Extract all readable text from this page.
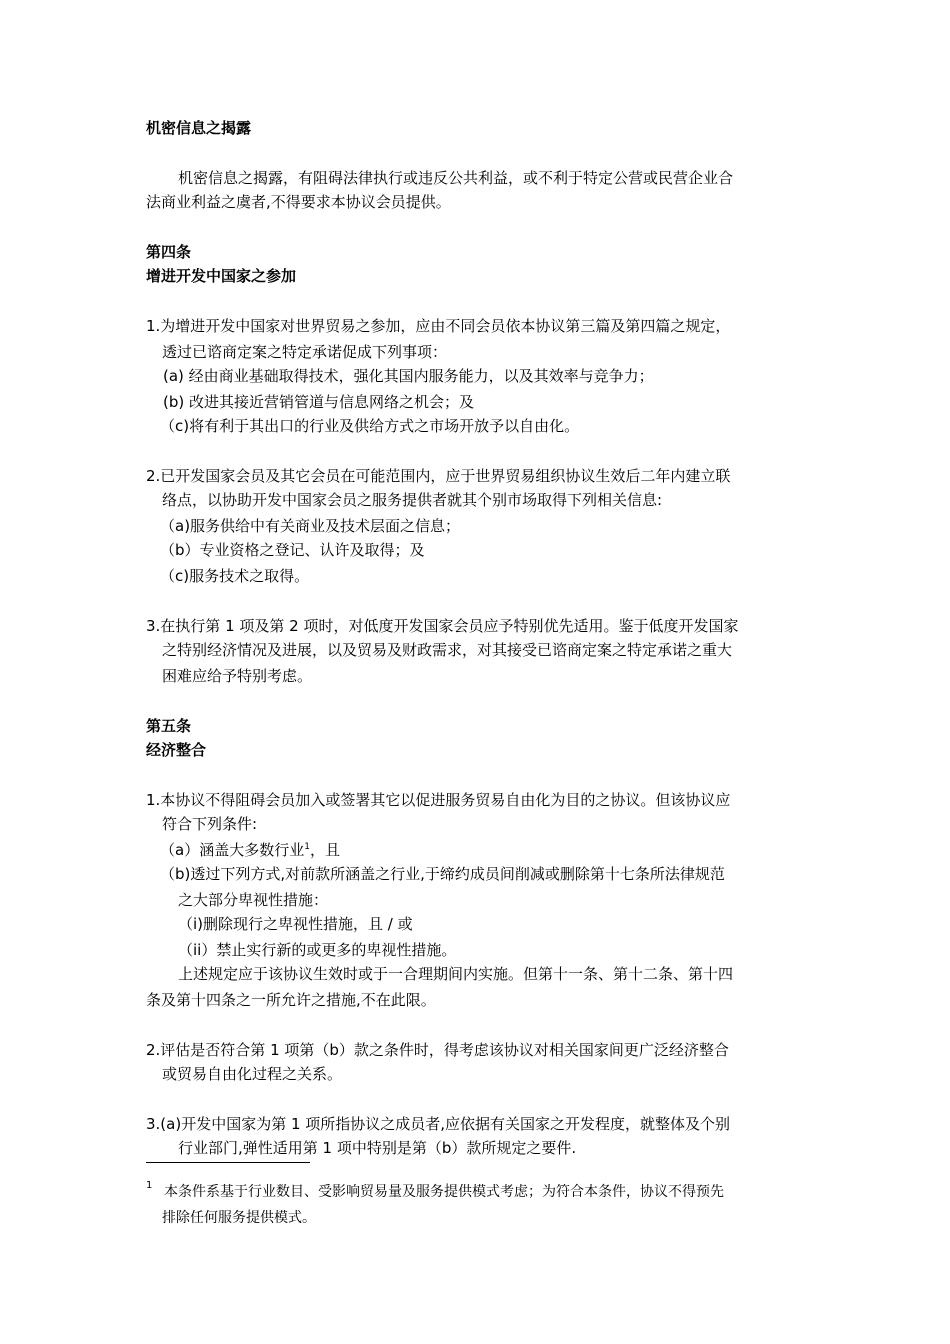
机密信息之揭露
机密信息之揭露，有阻碍法律执行或违反公共利益，或不利于特定公营或民营企业合
法商业利益之虞者,不得要求本协议会员提供。
第四条
增进开发中国家之参加
1.为增进开发中国家对世界贸易之参加，应由不同会员依本协议第三篇及第四篇之规定，
透过已谘商定案之特定承诺促成下列事项：
(a) 经由商业基础取得技术，强化其国内服务能力，以及其效率与竞争力；
(b) 改进其接近营销管道与信息网络之机会；及
（c)将有利于其出口的行业及供给方式之市场开放予以自由化。
2.已开发国家会员及其它会员在可能范围内，应于世界贸易组织协议生效后二年内建立联
络点，以协助开发中国家会员之服务提供者就其个别市场取得下列相关信息:
（a)服务供给中有关商业及技术层面之信息；
（b）专业资格之登记、认许及取得；及
（c)服务技术之取得。
3.在执行第 1 项及第 2 项时，对低度开发国家会员应予特别优先适用。鉴于低度开发国家
之特别经济情况及进展，以及贸易及财政需求，对其接受已谘商定案之特定承诺之重大
困难应给予特别考虑。
第五条
经济整合
1.本协议不得阻碍会员加入或签署其它以促进服务贸易自由化为目的之协议。但该协议应
符合下列条件:
（a）涵盖大多数行业$^1$，且
（b)透过下列方式,对前款所涵盖之行业,于缔约成员间削减或删除第十七条所法律规范
之大部分卑视性措施：
（i)删除现行之卑视性措施，且 / 或
（ii）禁止实行新的或更多的卑视性措施。
上述规定应于该协议生效时或于一合理期间内实施。但第十一条、第十二条、第十四
条及第十四条之一所允许之措施,不在此限。
2.评估是否符合第 1 项第（b）款之条件时，得考虑该协议对相关国家间更广泛经济整合
或贸易自由化过程之关系。
3.(a)开发中国家为第 1 项所指协议之成员者,应依据有关国家之开发程度，就整体及个别
行业部门,弹性适用第 1 项中特别是第（b）款所规定之要件.
1 本条件系基于行业数目、受影响贸易量及服务提供模式考虑；为符合本条件，协议不得预先
排除任何服务提供模式。
